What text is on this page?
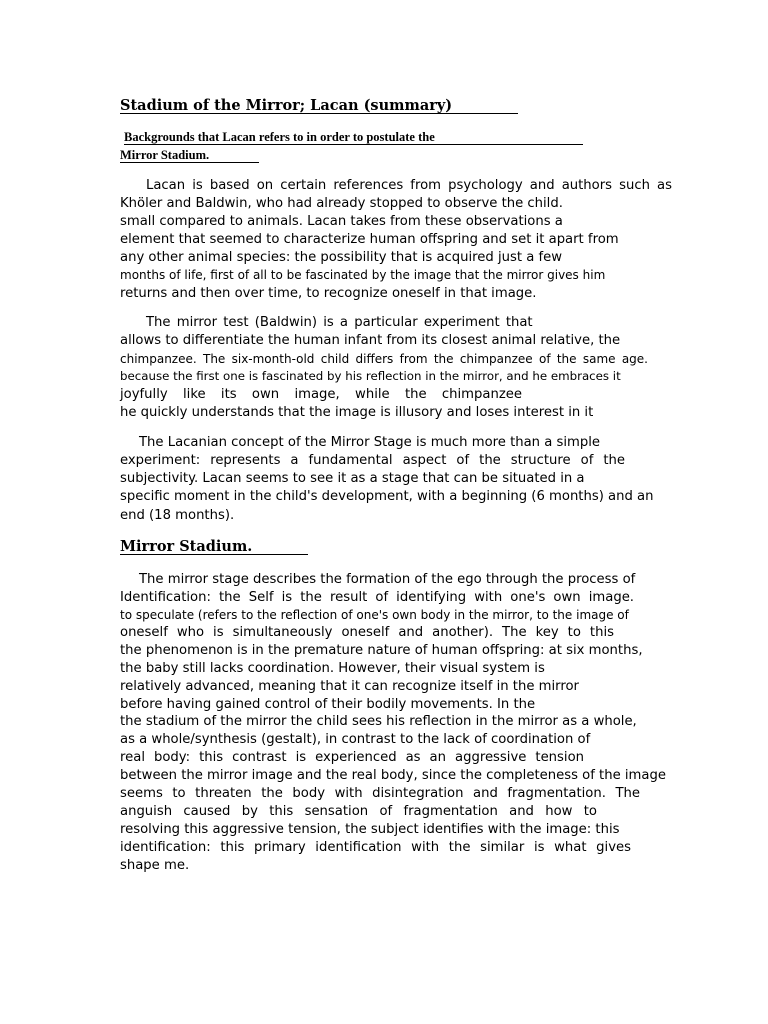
Stadium of the Mirror; Lacan (summary)
Backgrounds that Lacan refers to in order to postulate the
Mirror Stadium.
Lacan is based on certain references from psychology and authors such as
Khöler and Baldwin, who had already stopped to observe the child.
small compared to animals. Lacan takes from these observations a
element that seemed to characterize human offspring and set it apart from
any other animal species: the possibility that is acquired just a few
months of life, first of all to be fascinated by the image that the mirror gives him
returns and then over time, to recognize oneself in that image.
The mirror test (Baldwin) is a particular experiment that
allows to differentiate the human infant from its closest animal relative, the
chimpanzee. The six-month-old child differs from the chimpanzee of the same age.
because the first one is fascinated by his reflection in the mirror, and he embraces it
joyfully like its own image, while the chimpanzee
he quickly understands that the image is illusory and loses interest in it
The Lacanian concept of the Mirror Stage is much more than a simple
experiment: represents a fundamental aspect of the structure of the
subjectivity. Lacan seems to see it as a stage that can be situated in a
specific moment in the child's development, with a beginning (6 months) and an
end (18 months).
Mirror Stadium.
The mirror stage describes the formation of the ego through the process of
Identification: the Self is the result of identifying with one's own image.
to speculate (refers to the reflection of one's own body in the mirror, to the image of
oneself who is simultaneously oneself and another). The key to this
the phenomenon is in the premature nature of human offspring: at six months,
the baby still lacks coordination. However, their visual system is
relatively advanced, meaning that it can recognize itself in the mirror
before having gained control of their bodily movements. In the
the stadium of the mirror the child sees his reflection in the mirror as a whole,
as a whole/synthesis (gestalt), in contrast to the lack of coordination of
real body: this contrast is experienced as an aggressive tension
between the mirror image and the real body, since the completeness of the image
seems to threaten the body with disintegration and fragmentation. The
anguish caused by this sensation of fragmentation and how to
resolving this aggressive tension, the subject identifies with the image: this
identification: this primary identification with the similar is what gives
shape me.
